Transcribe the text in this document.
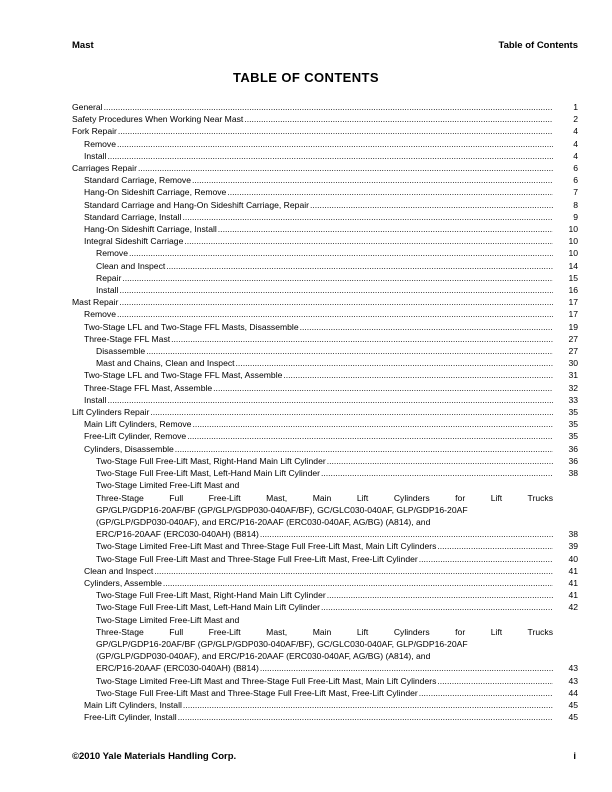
Mast	Table of Contents
TABLE OF CONTENTS
General .....	1
Safety Procedures When Working Near Mast .....	2
Fork Repair .....	4
Remove .....	4
Install .....	4
Carriages Repair .....	6
Standard Carriage, Remove .....	6
Hang-On Sideshift Carriage, Remove .....	7
Standard Carriage and Hang-On Sideshift Carriage, Repair .....	8
Standard Carriage, Install .....	9
Hang-On Sideshift Carriage, Install .....	10
Integral Sideshift Carriage .....	10
Remove .....	10
Clean and Inspect .....	14
Repair .....	15
Install .....	16
Mast Repair .....	17
Remove .....	17
Two-Stage LFL and Two-Stage FFL Masts, Disassemble .....	19
Three-Stage FFL Mast .....	27
Disassemble .....	27
Mast and Chains, Clean and Inspect .....	30
Two-Stage LFL and Two-Stage FFL Mast, Assemble .....	31
Three-Stage FFL Mast, Assemble .....	32
Install .....	33
Lift Cylinders Repair .....	35
Main Lift Cylinders, Remove .....	35
Free-Lift Cylinder, Remove .....	35
Cylinders, Disassemble .....	36
Two-Stage Full Free-Lift Mast, Right-Hand Main Lift Cylinder .....	36
Two-Stage Full Free-Lift Mast, Left-Hand Main Lift Cylinder .....	38
Two-Stage Limited Free-Lift Mast and
Three-Stage Full Free-Lift Mast, Main Lift Cylinders for Lift Trucks
GP/GLP/GDP16-20AF/BF (GP/GLP/GDP030-040AF/BF), GC/GLC030-040AF, GLP/GDP16-20AF
(GP/GLP/GDP030-040AF), and ERC/P16-20AAF (ERC030-040AF, AG/BG) (A814), and
ERC/P16-20AAF (ERC030-040AH) (B814) .....	38
Two-Stage Limited Free-Lift Mast and Three-Stage Full Free-Lift Mast, Main Lift Cylinders .....	39
Two-Stage Full Free-Lift Mast and Three-Stage Full Free-Lift Mast, Free-Lift Cylinder .....	40
Clean and Inspect .....	41
Cylinders, Assemble .....	41
Two-Stage Full Free-Lift Mast, Right-Hand Main Lift Cylinder .....	41
Two-Stage Full Free-Lift Mast, Left-Hand Main Lift Cylinder .....	42
Two-Stage Limited Free-Lift Mast and
Three-Stage Full Free-Lift Mast, Main Lift Cylinders for Lift Trucks
GP/GLP/GDP16-20AF/BF (GP/GLP/GDP030-040AF/BF), GC/GLC030-040AF, GLP/GDP16-20AF
(GP/GLP/GDP030-040AF), and ERC/P16-20AAF (ERC030-040AF, AG/BG) (A814), and
ERC/P16-20AAF (ERC030-040AH) (B814) .....	43
Two-Stage Limited Free-Lift Mast and Three-Stage Full Free-Lift Mast, Main Lift Cylinders .....	43
Two-Stage Full Free-Lift Mast and Three-Stage Full Free-Lift Mast, Free-Lift Cylinder .....	44
Main Lift Cylinders, Install .....	45
Free-Lift Cylinder, Install .....	45
©2010 Yale Materials Handling Corp.	i
